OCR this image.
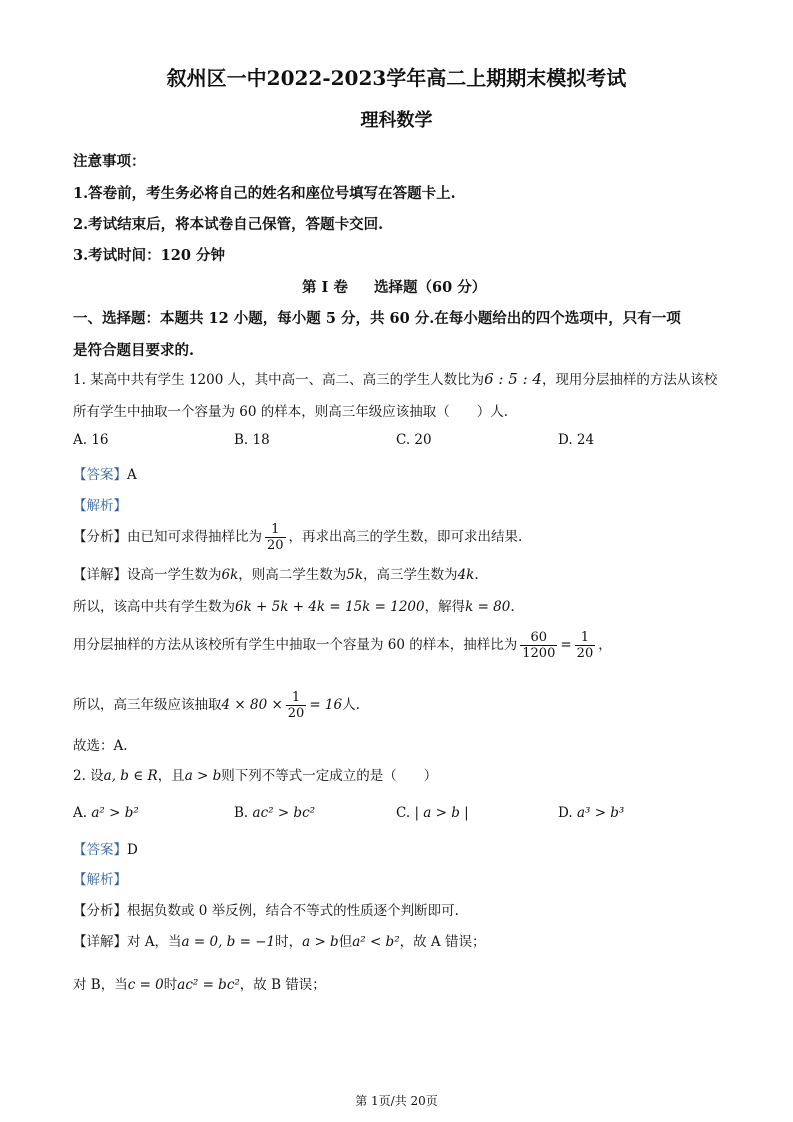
叙州区一中2022-2023学年高二上期期末模拟考试
理科数学
注意事项：
1.答卷前，考生务必将自己的姓名和座位号填写在答题卡上.
2.考试结束后，将本试卷自己保管，答题卡交回.
3.考试时间：120 分钟
第 I 卷 选择题（60 分）
一、选择题：本题共 12 小题，每小题 5 分，共 60 分.在每小题给出的四个选项中，只有一项
是符合题目要求的.
1. 某高中共有学生 1200 人，其中高一、高二、高三的学生人数比为6 : 5 : 4，现用分层抽样的方法从该校
所有学生中抽取一个容量为 60 的样本，则高三年级应该抽取（　　）人.
A. 16	B. 18	C. 20	D. 24
【答案】A
【解析】
【分析】由已知可求得抽样比为 $\frac{1}{20}$ ，再求出高三的学生数，即可求出结果.
【详解】设高一学生数为6k，则高二学生数为5k，高三学生数为4k.
所以，该高中共有学生数为6k + 5k + 4k = 15k = 1200，解得k = 80.
用分层抽样的方法从该校所有学生中抽取一个容量为 60 的样本，抽样比为 $\frac{60}{1200} = \frac{1}{20}$ ，
所以，高三年级应该抽取$4 \times 80 \times \frac{1}{20} = 16$人.
故选：A.
2. 设a, b ∈ R，且a > b则下列不等式一定成立的是（　　）
A. a² > b²	B. ac² > bc²	C. | a > b |	D. a³ > b³
【答案】D
【解析】
【分析】根据负数或 0 举反例，结合不等式的性质逐个判断即可.
【详解】对 A，当a = 0, b = −1时，a > b但a² < b²，故 A 错误；
对 B，当c = 0时ac² = bc²，故 B 错误；
第 1页/共 20页
